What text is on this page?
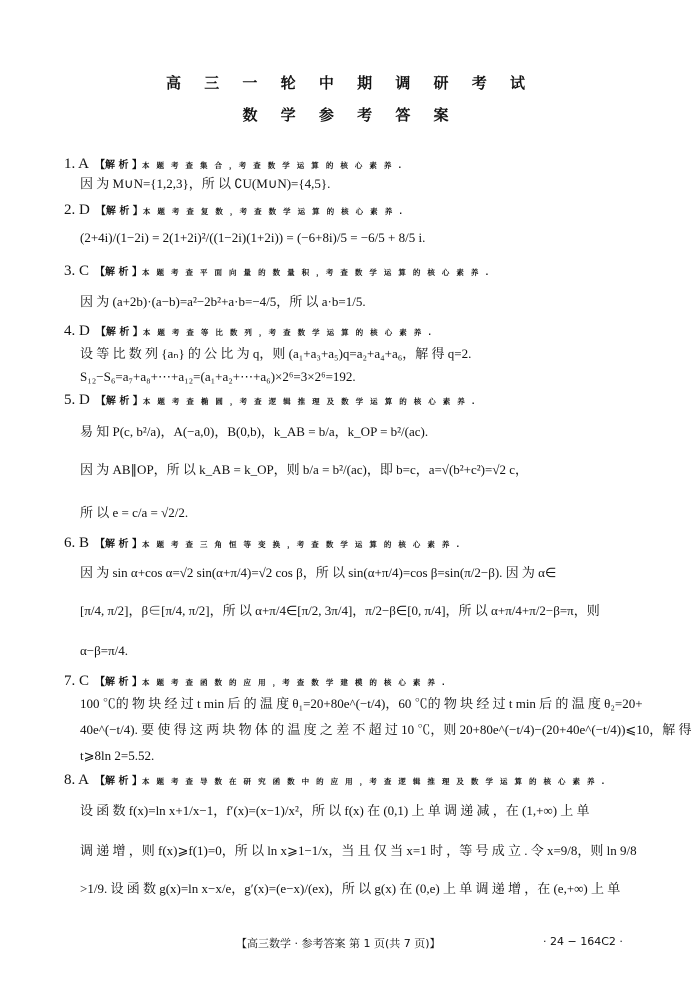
高 三 一 轮 中 期 调 研 考 试
数 学 参 考 答 案
1. A 【解 析 】本 题 考 查 集 合 ，考 查 数 学 运 算 的 核 心 素 养 .
因 为 M∪N={1,2,3}，所 以 ∁U(M∪N)={4,5}.
2. D 【解 析 】本 题 考 查 复 数 ，考 查 数 学 运 算 的 核 心 素 养 .
(2+4i)/(1−2i) = 2(1+2i)²/((1−2i)(1+2i)) = (−6+8i)/5 = −6/5 + 8/5 i.
3. C 【解 析 】本 题 考 查 平 面 向 量 的 数 量 积 ，考 查 数 学 运 算 的 核 心 素 养 .
因 为 (a+2b)·(a−b)=a²−2b²+a·b=−4/5，所 以 a·b=1/5.
4. D 【解 析 】本 题 考 查 等 比 数 列 ，考 查 数 学 运 算 的 核 心 素 养 .
设 等 比 数 列 {aₙ} 的 公 比 为 q，则 (a₁+a₃+a₅)q=a₂+a₄+a₆，解 得 q=2.
S₁₂−S₆=a₇+a₈+⋯+a₁₂=(a₁+a₂+⋯+a₆)×2⁶=3×2⁶=192.
5. D 【解 析 】本 题 考 查 椭 圆 ，考 查 逻 辑 推 理 及 数 学 运 算 的 核 心 素 养 .
易 知 P(c, b²/a)，A(−a,0)，B(0,b)，k_AB = b/a，k_OP = b²/(ac).
因 为 AB∥OP，所 以 k_AB = k_OP，则 b/a = b²/(ac)，即 b=c，a=√(b²+c²)=√2 c，
所 以 e = c/a = √2/2.
6. B 【解 析 】本 题 考 查 三 角 恒 等 变 换 ，考 查 数 学 运 算 的 核 心 素 养 .
因 为 sin α+cos α=√2 sin(α+π/4)=√2 cos β，所 以 sin(α+π/4)=cos β=sin(π/2−β). 因 为 α∈
[π/4, π/2]，β∈[π/4, π/2]，所 以 α+π/4∈[π/2, 3π/4]，π/2−β∈[0, π/4]，所 以 α+π/4+π/2−β=π，则
α−β=π/4.
7. C 【解 析 】本 题 考 查 函 数 的 应 用 ，考 查 数 学 建 模 的 核 心 素 养 .
100 ℃的 物 块 经 过 t min 后 的 温 度 θ₁=20+80e^(−t/4)，60 ℃的 物 块 经 过 t min 后 的 温 度 θ₂=20+
40e^(−t/4). 要 使 得 这 两 块 物 体 的 温 度 之 差 不 超 过 10 ℃，则 20+80e^(−t/4)−(20+40e^(−t/4))⩽10，解 得
t⩾8ln 2=5.52.
8. A 【解 析 】本 题 考 查 导 数 在 研 究 函 数 中 的 应 用 ，考 查 逻 辑 推 理 及 数 学 运 算 的 核 心 素 养 .
设 函 数 f(x)=ln x+1/x−1，f′(x)=(x−1)/x²，所 以 f(x) 在 (0,1) 上 单 调 递 减 ，在 (1,+∞) 上 单
调 递 增 ，则 f(x)⩾f(1)=0，所 以 ln x⩾1−1/x，当 且 仅 当 x=1 时 ，等 号 成 立 . 令 x=9/8，则 ln 9/8
>1/9. 设 函 数 g(x)=ln x−x/e，g′(x)=(e−x)/(ex)，所 以 g(x) 在 (0,e) 上 单 调 递 增 ，在 (e,+∞) 上 单
【高三数学 · 参考答案 第 1 页(共 7 页)】	· 24 − 164C2 ·
